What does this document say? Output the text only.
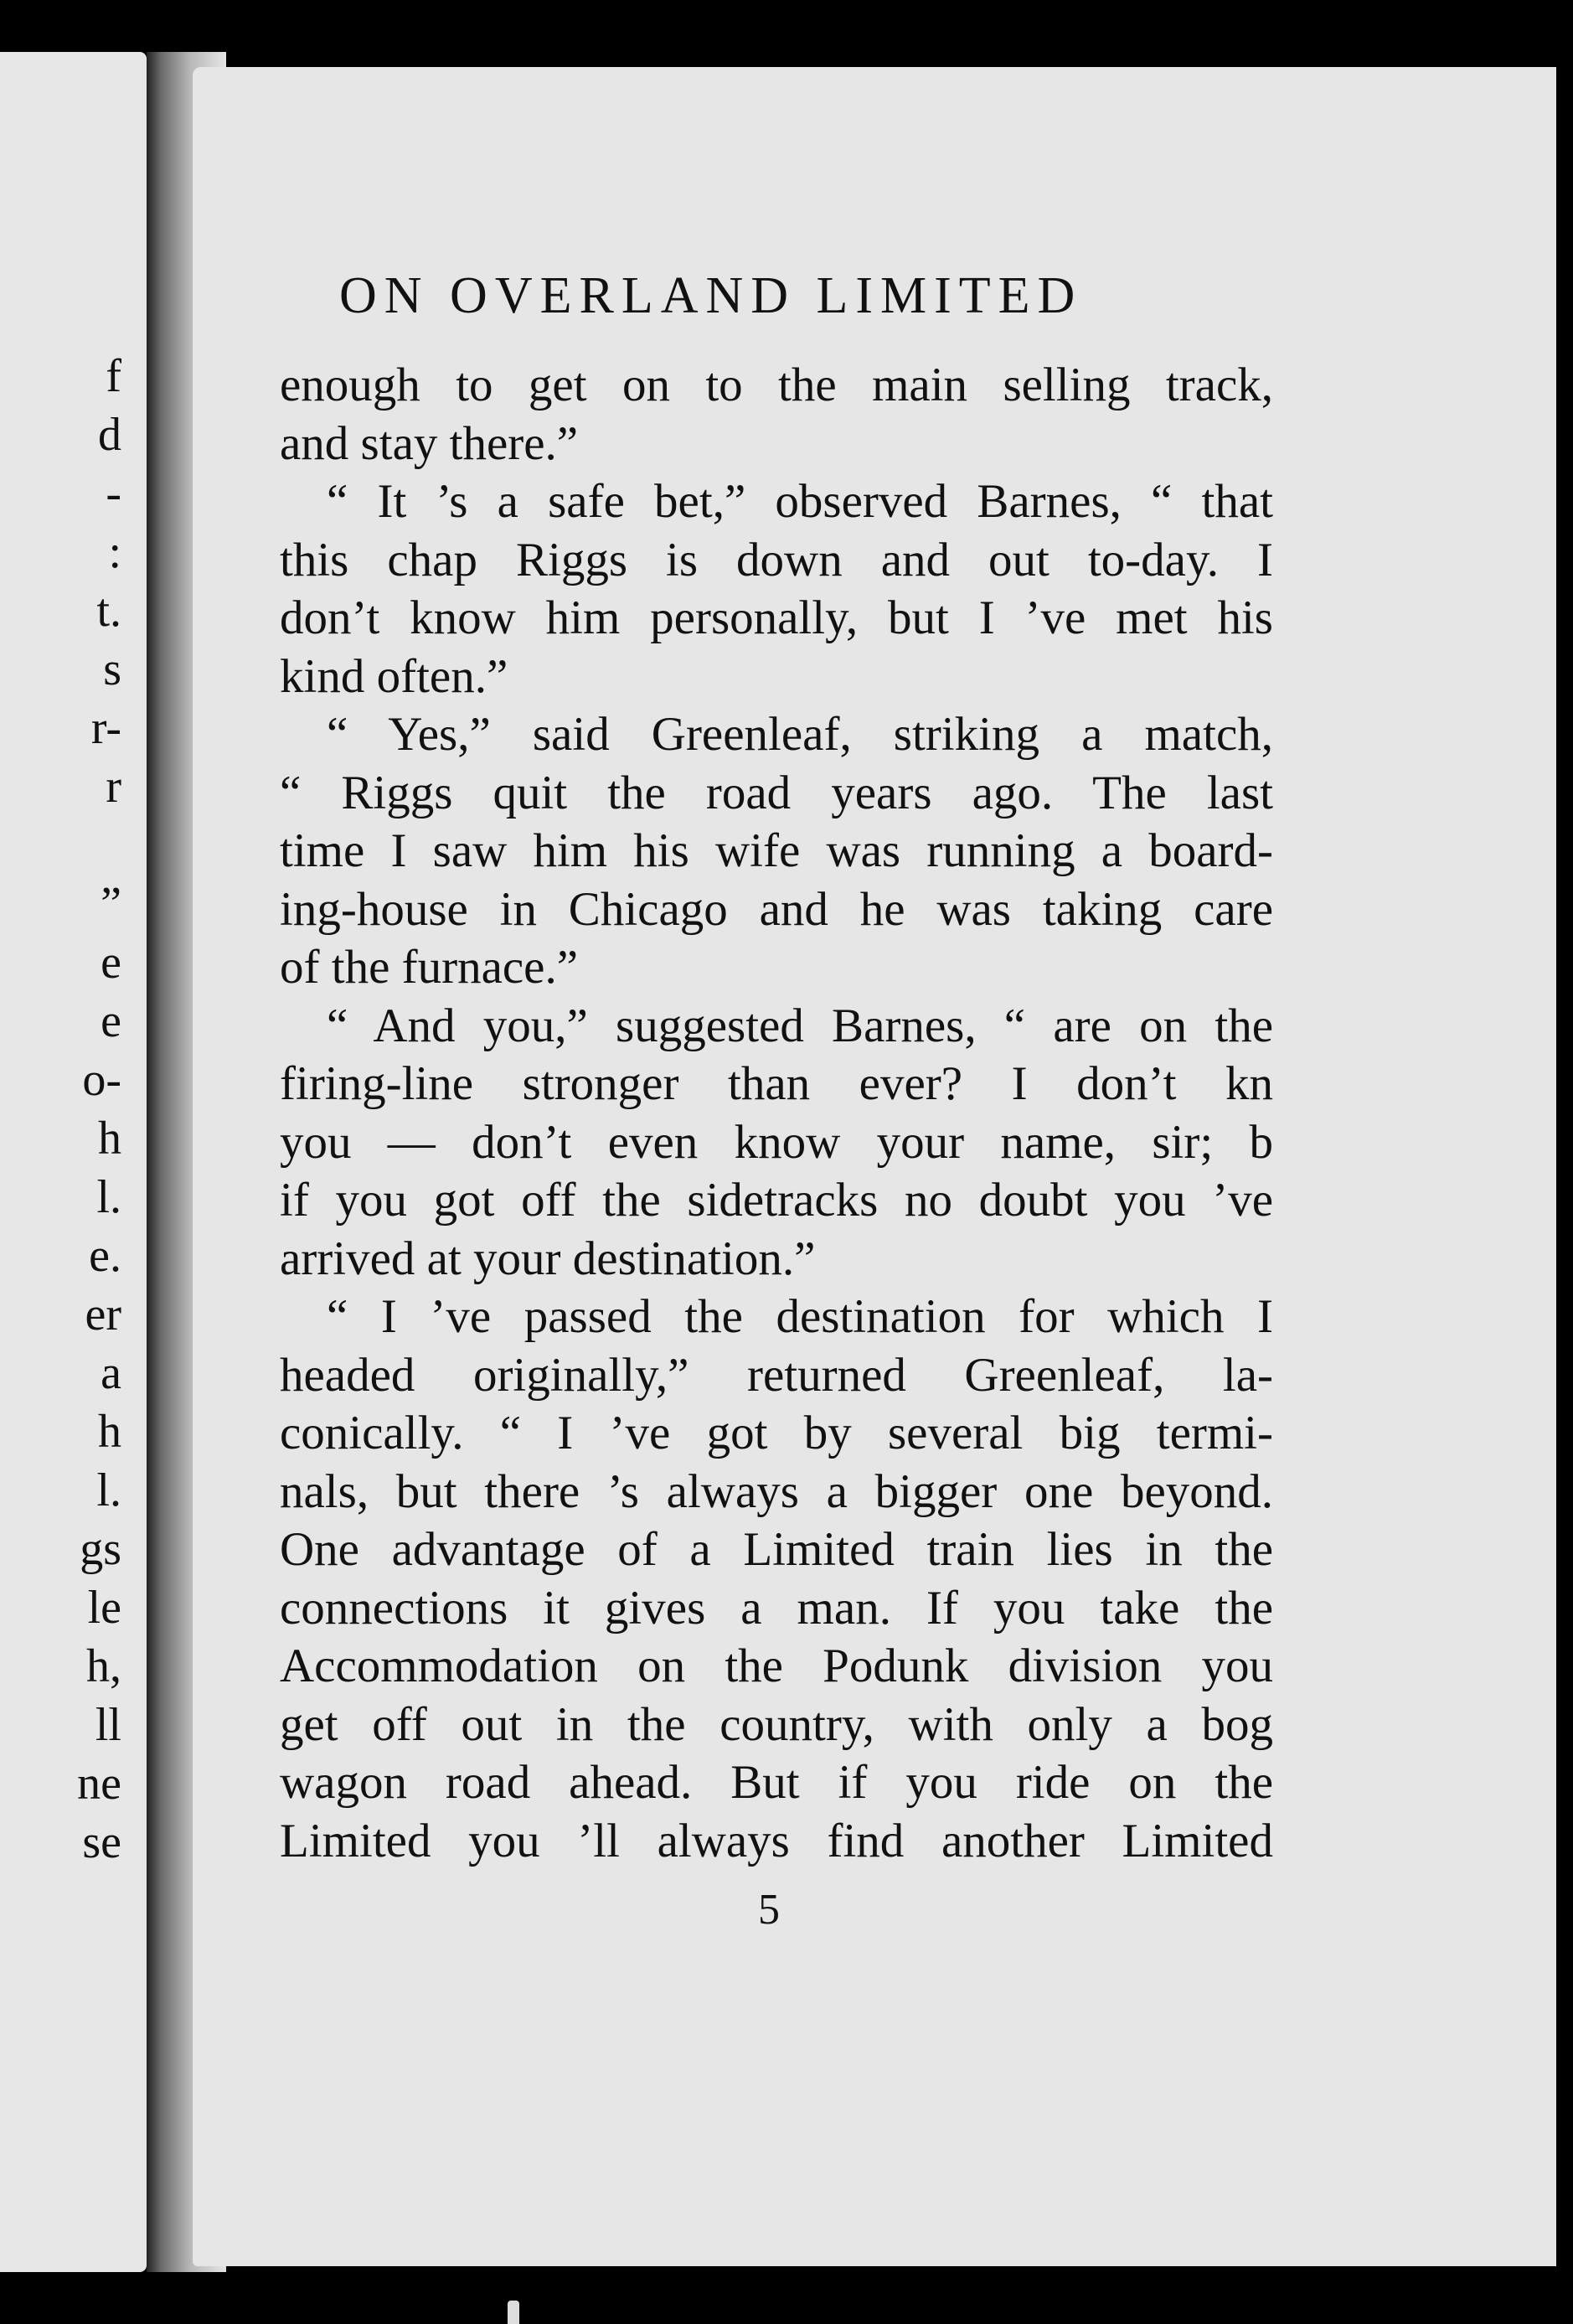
f
d
-
:
t.
s
r-
r
”
e
e
o-
h
l.
e.
er
a
h
l.
gs
le
h,
ll
ne
se
ON OVERLAND LIMITED
enough to get on to the main selling track,
and stay there.”
“ It ’s a safe bet,” observed Barnes, “ that
this chap Riggs is down and out to-day. I
don’t know him personally, but I ’ve met his
kind often.”
“ Yes,” said Greenleaf, striking a match,
“ Riggs quit the road years ago. The last
time I saw him his wife was running a board-
ing-house in Chicago and he was taking care
of the furnace.”
“ And you,” suggested Barnes, “ are on the
firing-line stronger than ever? I don’t kn
you — don’t even know your name, sir; b
if you got off the sidetracks no doubt you ’ve
arrived at your destination.”
“ I ’ve passed the destination for which I
headed originally,” returned Greenleaf, la-
conically. “ I ’ve got by several big termi-
nals, but there ’s always a bigger one beyond.
One advantage of a Limited train lies in the
connections it gives a man. If you take the
Accommodation on the Podunk division you
get off out in the country, with only a bog
wagon road ahead. But if you ride on the
Limited you ’ll always find another Limited
5
